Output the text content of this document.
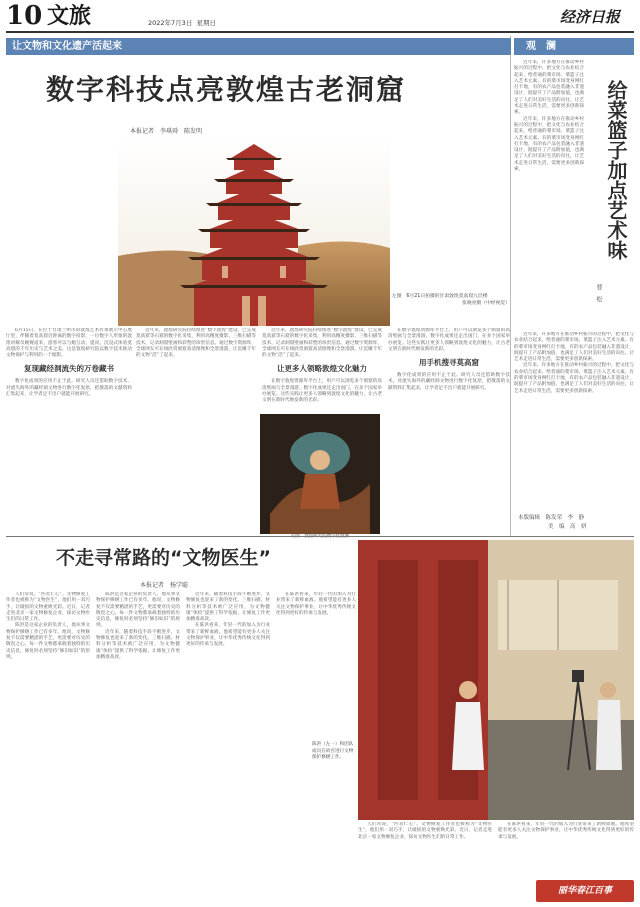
10 文旅	2022年7月3日 星期日	经济日报
让文物和文化遗产活起来
数字科技点亮敦煌古老洞窟
本报记者　李琪舜　陈发明
左图　6月21日拍摄的甘肃敦煌莫高窟九层楼
张晓亮摄（中经视觉）

6月15日，在位于甘肃兰州市的敦煌艺术传承展示中心展厅里，伴随着莫高窟近距离的数字投影，一位数字人形象的敦煌讲解员娓娓道来，游客可以与她互动、提问，沉浸式体验莫高窟的千年历史与艺术之美。这是敦煌研究院以数字技术推动文物保护与利用的一个缩影。

复现藏经洞流失的万卷藏书

数字化成果的应用不止于此。研究人员还借助数字技术，对流失海外的藏经洞文物进行数字化复原，把散落的文献资料汇集起来，让学者足不出户就能开展研究。

近年来，敦煌研究院持续推进“数字敦煌”建设，已完成莫高窟等石窟的数字化采集，利用高精度摄影、三维扫描等技术，记录洞窟壁画和彩塑的珍贵信息。通过数字资源库，全球网友可在线欣赏洞窟高清图像和全景漫游，让沉睡千年的文物“活”了起来。

近年来，敦煌研究院持续推进“数字敦煌”建设，已完成莫高窟等石窟的数字化采集，利用高精度摄影、三维扫描等技术，记录洞窟壁画和彩塑的珍贵信息。通过数字资源库，全球网友可在线欣赏洞窟高清图像和全景漫游，让沉睡千年的文物“活”了起来。

让更多人领略敦煌文化魅力

在数字敦煌资源库平台上，用户可以浏览多个洞窟的高清壁画与全景漫游。数字化成果还走出国门，在多个国家举办展览。这些实践让更多人领略到敦煌文化的魅力，让古老文明在新时代焕发新的光彩。

在数字敦煌资源库平台上，用户可以浏览多个洞窟的高清壁画与全景漫游。数字化成果还走出国门，在多个国家举办展览。这些实践让更多人领略到敦煌文化的魅力，让古老文明在新时代焕发新的光彩。

用手机搜寻莫高窟

数字化成果的应用不止于此。研究人员还借助数字技术，对流失海外的藏经洞文物进行数字化复原，把散落的文献资料汇集起来，让学者足不出户就能开展研究。

观　澜

近年来，许多地方在推动乡村振兴的过程中，把文化与农业结合起来，给普通的菜市场、菜篮子注入艺术元素。有的菜市场变身网红打卡地，有的农产品包装融入非遗设计，既提升了产品附加值，也满足了人们对美好生活的向往。让艺术走进日常生活，需要更多创新探索。

近年来，许多地方在推动乡村振兴的过程中，把文化与农业结合起来，给普通的菜市场、菜篮子注入艺术元素。有的菜市场变身网红打卡地，有的农产品包装融入非遗设计，既提升了产品附加值，也满足了人们对美好生活的向往。让艺术走进日常生活，需要更多创新探索。	给菜篮子加点艺术味
曹　松

近年来，许多地方在推动乡村振兴的过程中，把文化与农业结合起来，给普通的菜市场、菜篮子注入艺术元素。有的菜市场变身网红打卡地，有的农产品包装融入非遗设计，既提升了产品附加值，也满足了人们对美好生活的向往。让艺术走进日常生活，需要更多创新探索。

近年来，许多地方在推动乡村振兴的过程中，把文化与农业结合起来，给普通的菜市场、菜篮子注入艺术元素。有的菜市场变身网红打卡地，有的农产品包装融入非遗设计，既提升了产品附加值，也满足了人们对美好生活的向往。让艺术走进日常生活，需要更多创新探索。

本版编辑　陈发荣　李　静
美　编　高　妍
不走寻常路的“文物医生”
本报记者　杨学聪
陈洪（左一）和团队成员在故宫进行文物保护修缮工作。

人们常说，“医者仁心”。文物修复工作者也被称为“文物医生”，他们用一双巧手，让破损的文物重焕光彩。近日，记者走进北京一家文物修复企业，探访文物医生们的日常工作。

陈洪是这家企业的负责人，他从事文物保护修缮工作已有多年。他说，文物修复不仅需要精湛的手艺，更需要对历史的敬畏之心。每一件文物都承载着独特的历史信息，修复时必须坚持“修旧如旧”的原则。

陈洪是这家企业的负责人，他从事文物保护修缮工作已有多年。他说，文物修复不仅需要精湛的手艺，更需要对历史的敬畏之心。每一件文物都承载着独特的历史信息，修复时必须坚持“修旧如旧”的原则。

近年来，随着科技手段不断进步，文物修复也迎来了新的变化。三维扫描、材料分析等技术被广泛应用，为文物健康“体检”提供了科学依据，让修复工作更加精准高效。

近年来，随着科技手段不断进步，文物修复也迎来了新的变化。三维扫描、材料分析等技术被广泛应用，为文物健康“体检”提供了科学依据，让修复工作更加精准高效。

在陈洪看来，年轻一代的加入为行业带来了新鲜血液。他希望能有更多人关注文物保护事业，让中华优秀传统文化得到更好的传承与发展。

在陈洪看来，年轻一代的加入为行业带来了新鲜血液。他希望能有更多人关注文物保护事业，让中华优秀传统文化得到更好的传承与发展。

人们常说，“医者仁心”。文物修复工作者也被称为“文物医生”，他们用一双巧手，让破损的文物重焕光彩。近日，记者走进北京一家文物修复企业，探访文物医生们的日常工作。

在陈洪看来，年轻一代的加入为行业带来了新鲜血液。他希望能有更多人关注文物保护事业，让中华优秀传统文化得到更好的传承与发展。

丽华春江百事
